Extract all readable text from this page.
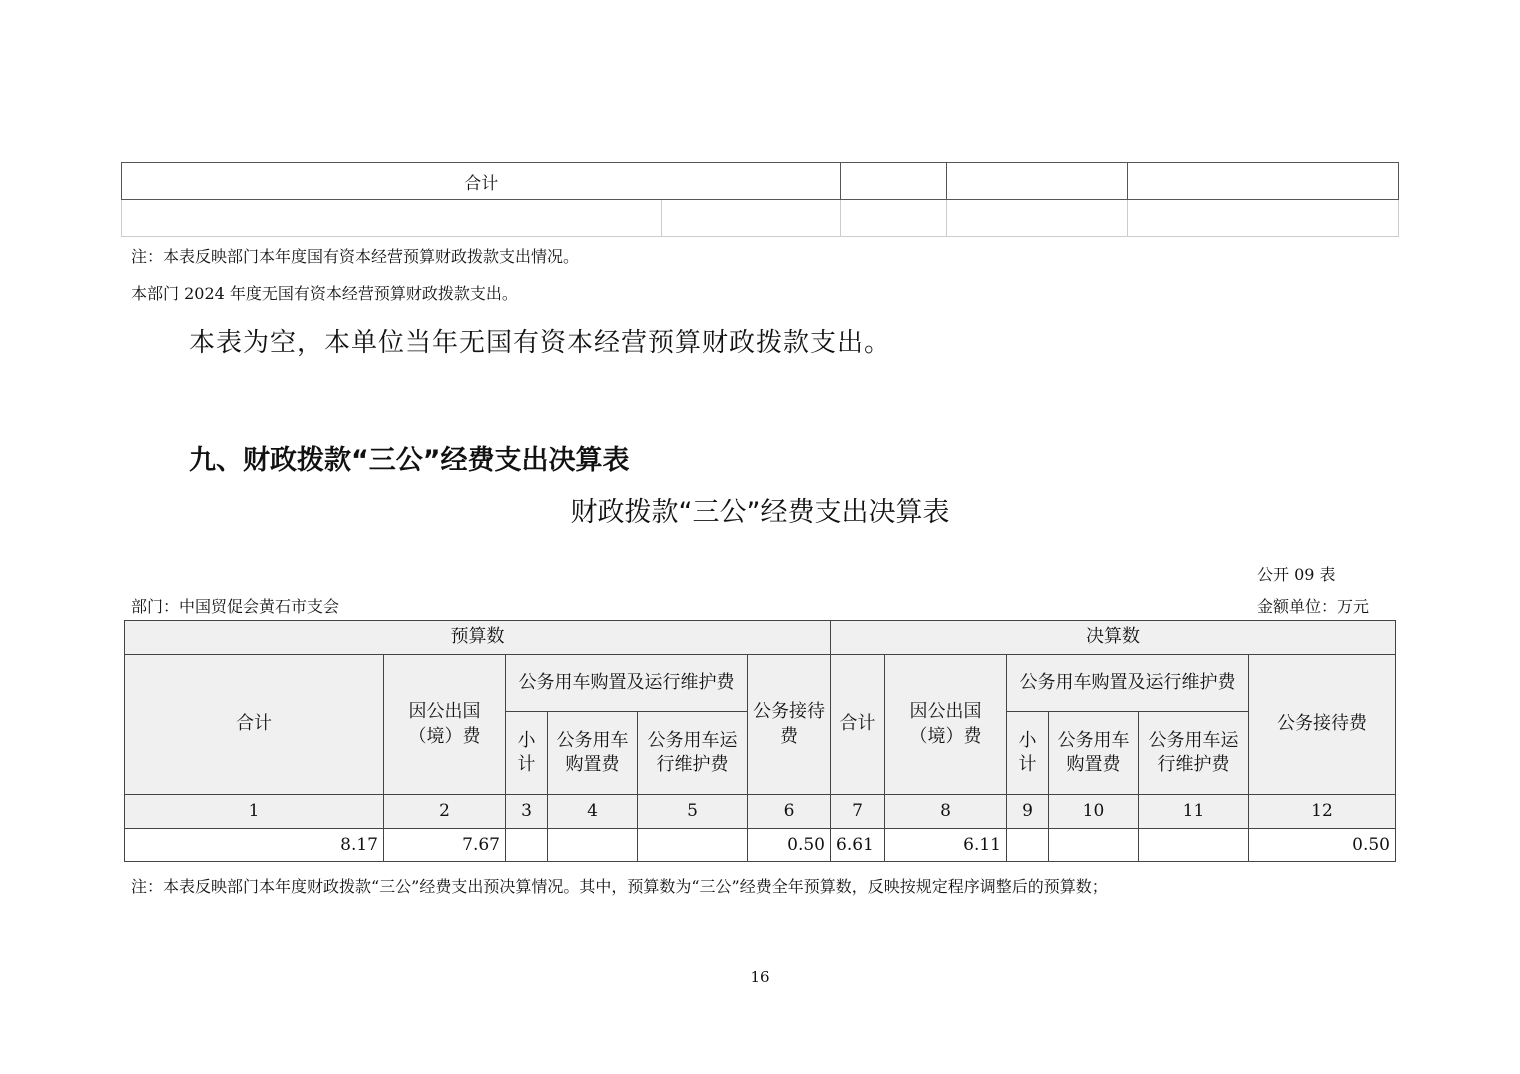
合计				

注：本表反映部门本年度国有资本经营预算财政拨款支出情况。
本部门 2024 年度无国有资本经营预算财政拨款支出。
本表为空，本单位当年无国有资本经营预算财政拨款支出。
九、财政拨款“三公”经费支出决算表
财政拨款“三公”经费支出决算表
公开 09 表
部门：中国贸促会黄石市支会	金额单位：万元
预算数						决算数					
合计	因公出国（境）费	公务用车购置及运行维护费			公务接待费	合计	因公出国（境）费	公务用车购置及运行维护费			公务接待费
		小计	公务用车购置费	公务用车运行维护费				小计	公务用车购置费	公务用车运行维护费	
1	2	3	4	5	6	7	8	9	10	11	12
8.17	7.67				0.50	6.61	6.11				0.50
注：本表反映部门本年度财政拨款“三公”经费支出预决算情况。其中，预算数为“三公”经费全年预算数，反映按规定程序调整后的预算数；
16
